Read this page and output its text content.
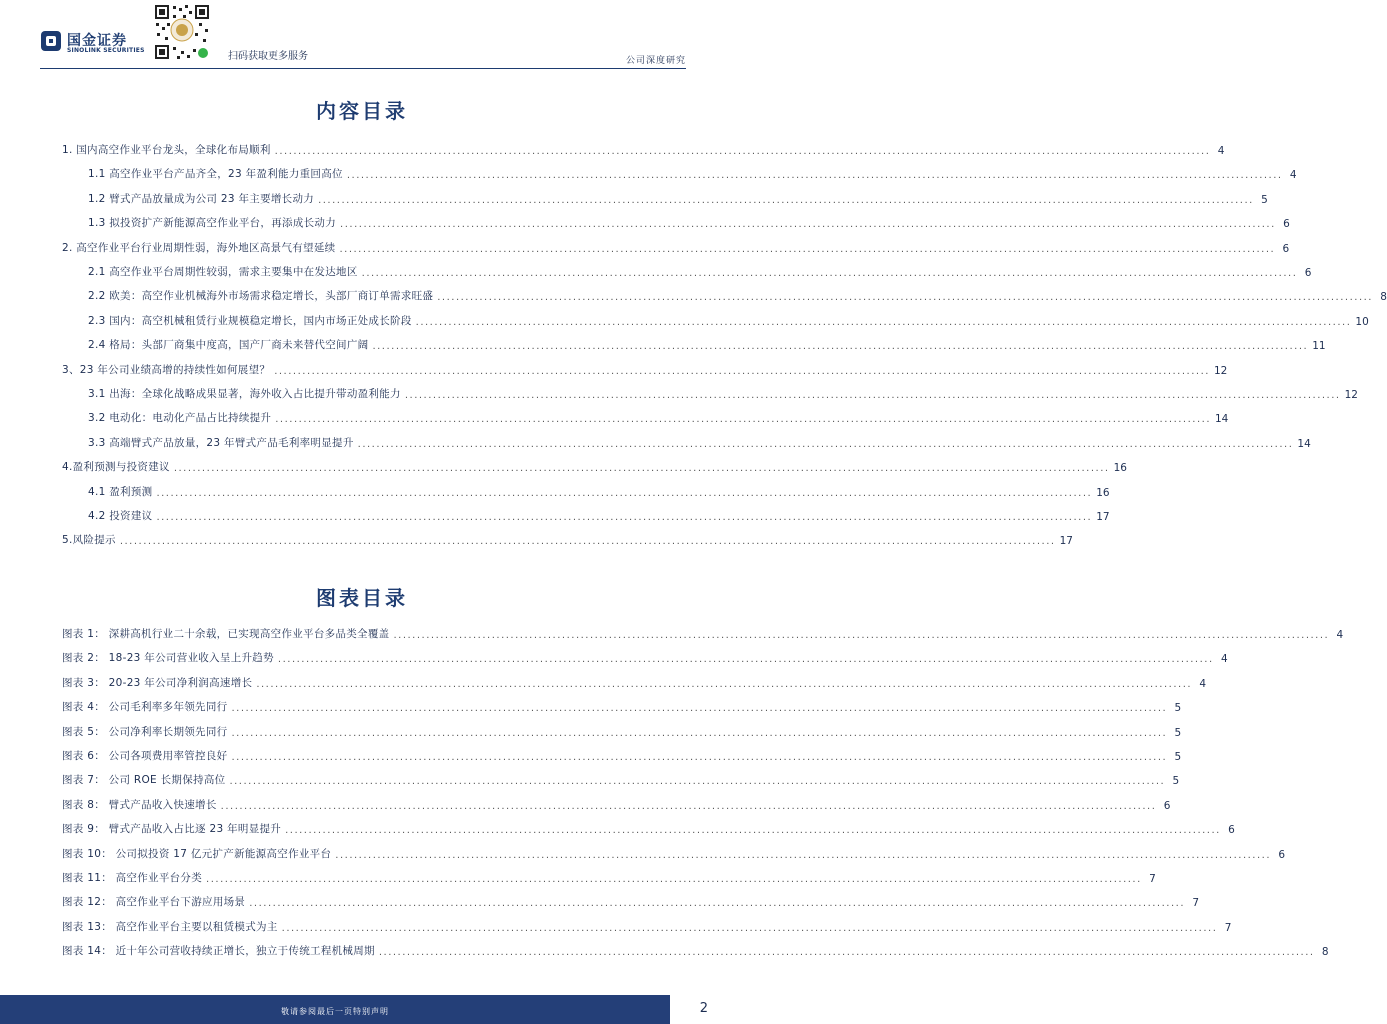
国金证券
SINOLINK SECURITIES
扫码获取更多服务	公司深度研究
内容目录
1. 国内高空作业平台龙头，全球化布局顺利 ........................................................................................................................................................................................................ 4
1.1 高空作业平台产品齐全，23 年盈利能力重回高位 ........................................................................................................................................................................................................ 4
1.2 臂式产品放量成为公司 23 年主要增长动力 ........................................................................................................................................................................................................ 5
1.3 拟投资扩产新能源高空作业平台，再添成长动力 ........................................................................................................................................................................................................ 6
2. 高空作业平台行业周期性弱，海外地区高景气有望延续 ........................................................................................................................................................................................................ 6
2.1 高空作业平台周期性较弱，需求主要集中在发达地区 ........................................................................................................................................................................................................ 6
2.2 欧美：高空作业机械海外市场需求稳定增长，头部厂商订单需求旺盛 ........................................................................................................................................................................................................ 8
2.3 国内：高空机械租赁行业规模稳定增长，国内市场正处成长阶段 ........................................................................................................................................................................................................ 10
2.4 格局：头部厂商集中度高，国产厂商未来替代空间广阔 ........................................................................................................................................................................................................ 11
3、23 年公司业绩高增的持续性如何展望？ ........................................................................................................................................................................................................ 12
3.1 出海：全球化战略成果显著，海外收入占比提升带动盈利能力 ........................................................................................................................................................................................................ 12
3.2 电动化：电动化产品占比持续提升 ........................................................................................................................................................................................................ 14
3.3 高端臂式产品放量，23 年臂式产品毛利率明显提升 ........................................................................................................................................................................................................ 14
4.盈利预测与投资建议 ........................................................................................................................................................................................................ 16
4.1 盈利预测 ........................................................................................................................................................................................................ 16
4.2 投资建议 ........................................................................................................................................................................................................ 17
5.风险提示 ........................................................................................................................................................................................................ 17
图表目录
图表 1： 深耕高机行业二十余载，已实现高空作业平台多品类全覆盖 ........................................................................................................................................................................................................ 4
图表 2： 18-23 年公司营业收入呈上升趋势 ........................................................................................................................................................................................................ 4
图表 3： 20-23 年公司净利润高速增长 ........................................................................................................................................................................................................ 4
图表 4： 公司毛利率多年领先同行 ........................................................................................................................................................................................................ 5
图表 5： 公司净利率长期领先同行 ........................................................................................................................................................................................................ 5
图表 6： 公司各项费用率管控良好 ........................................................................................................................................................................................................ 5
图表 7： 公司 ROE 长期保持高位 ........................................................................................................................................................................................................ 5
图表 8： 臂式产品收入快速增长 ........................................................................................................................................................................................................ 6
图表 9： 臂式产品收入占比逐 23 年明显提升 ........................................................................................................................................................................................................ 6
图表 10： 公司拟投资 17 亿元扩产新能源高空作业平台 ........................................................................................................................................................................................................ 6
图表 11： 高空作业平台分类 ........................................................................................................................................................................................................ 7
图表 12： 高空作业平台下游应用场景 ........................................................................................................................................................................................................ 7
图表 13： 高空作业平台主要以租赁模式为主 ........................................................................................................................................................................................................ 7
图表 14： 近十年公司营收持续正增长，独立于传统工程机械周期 ........................................................................................................................................................................................................ 8
敬请参阅最后一页特别声明	2
